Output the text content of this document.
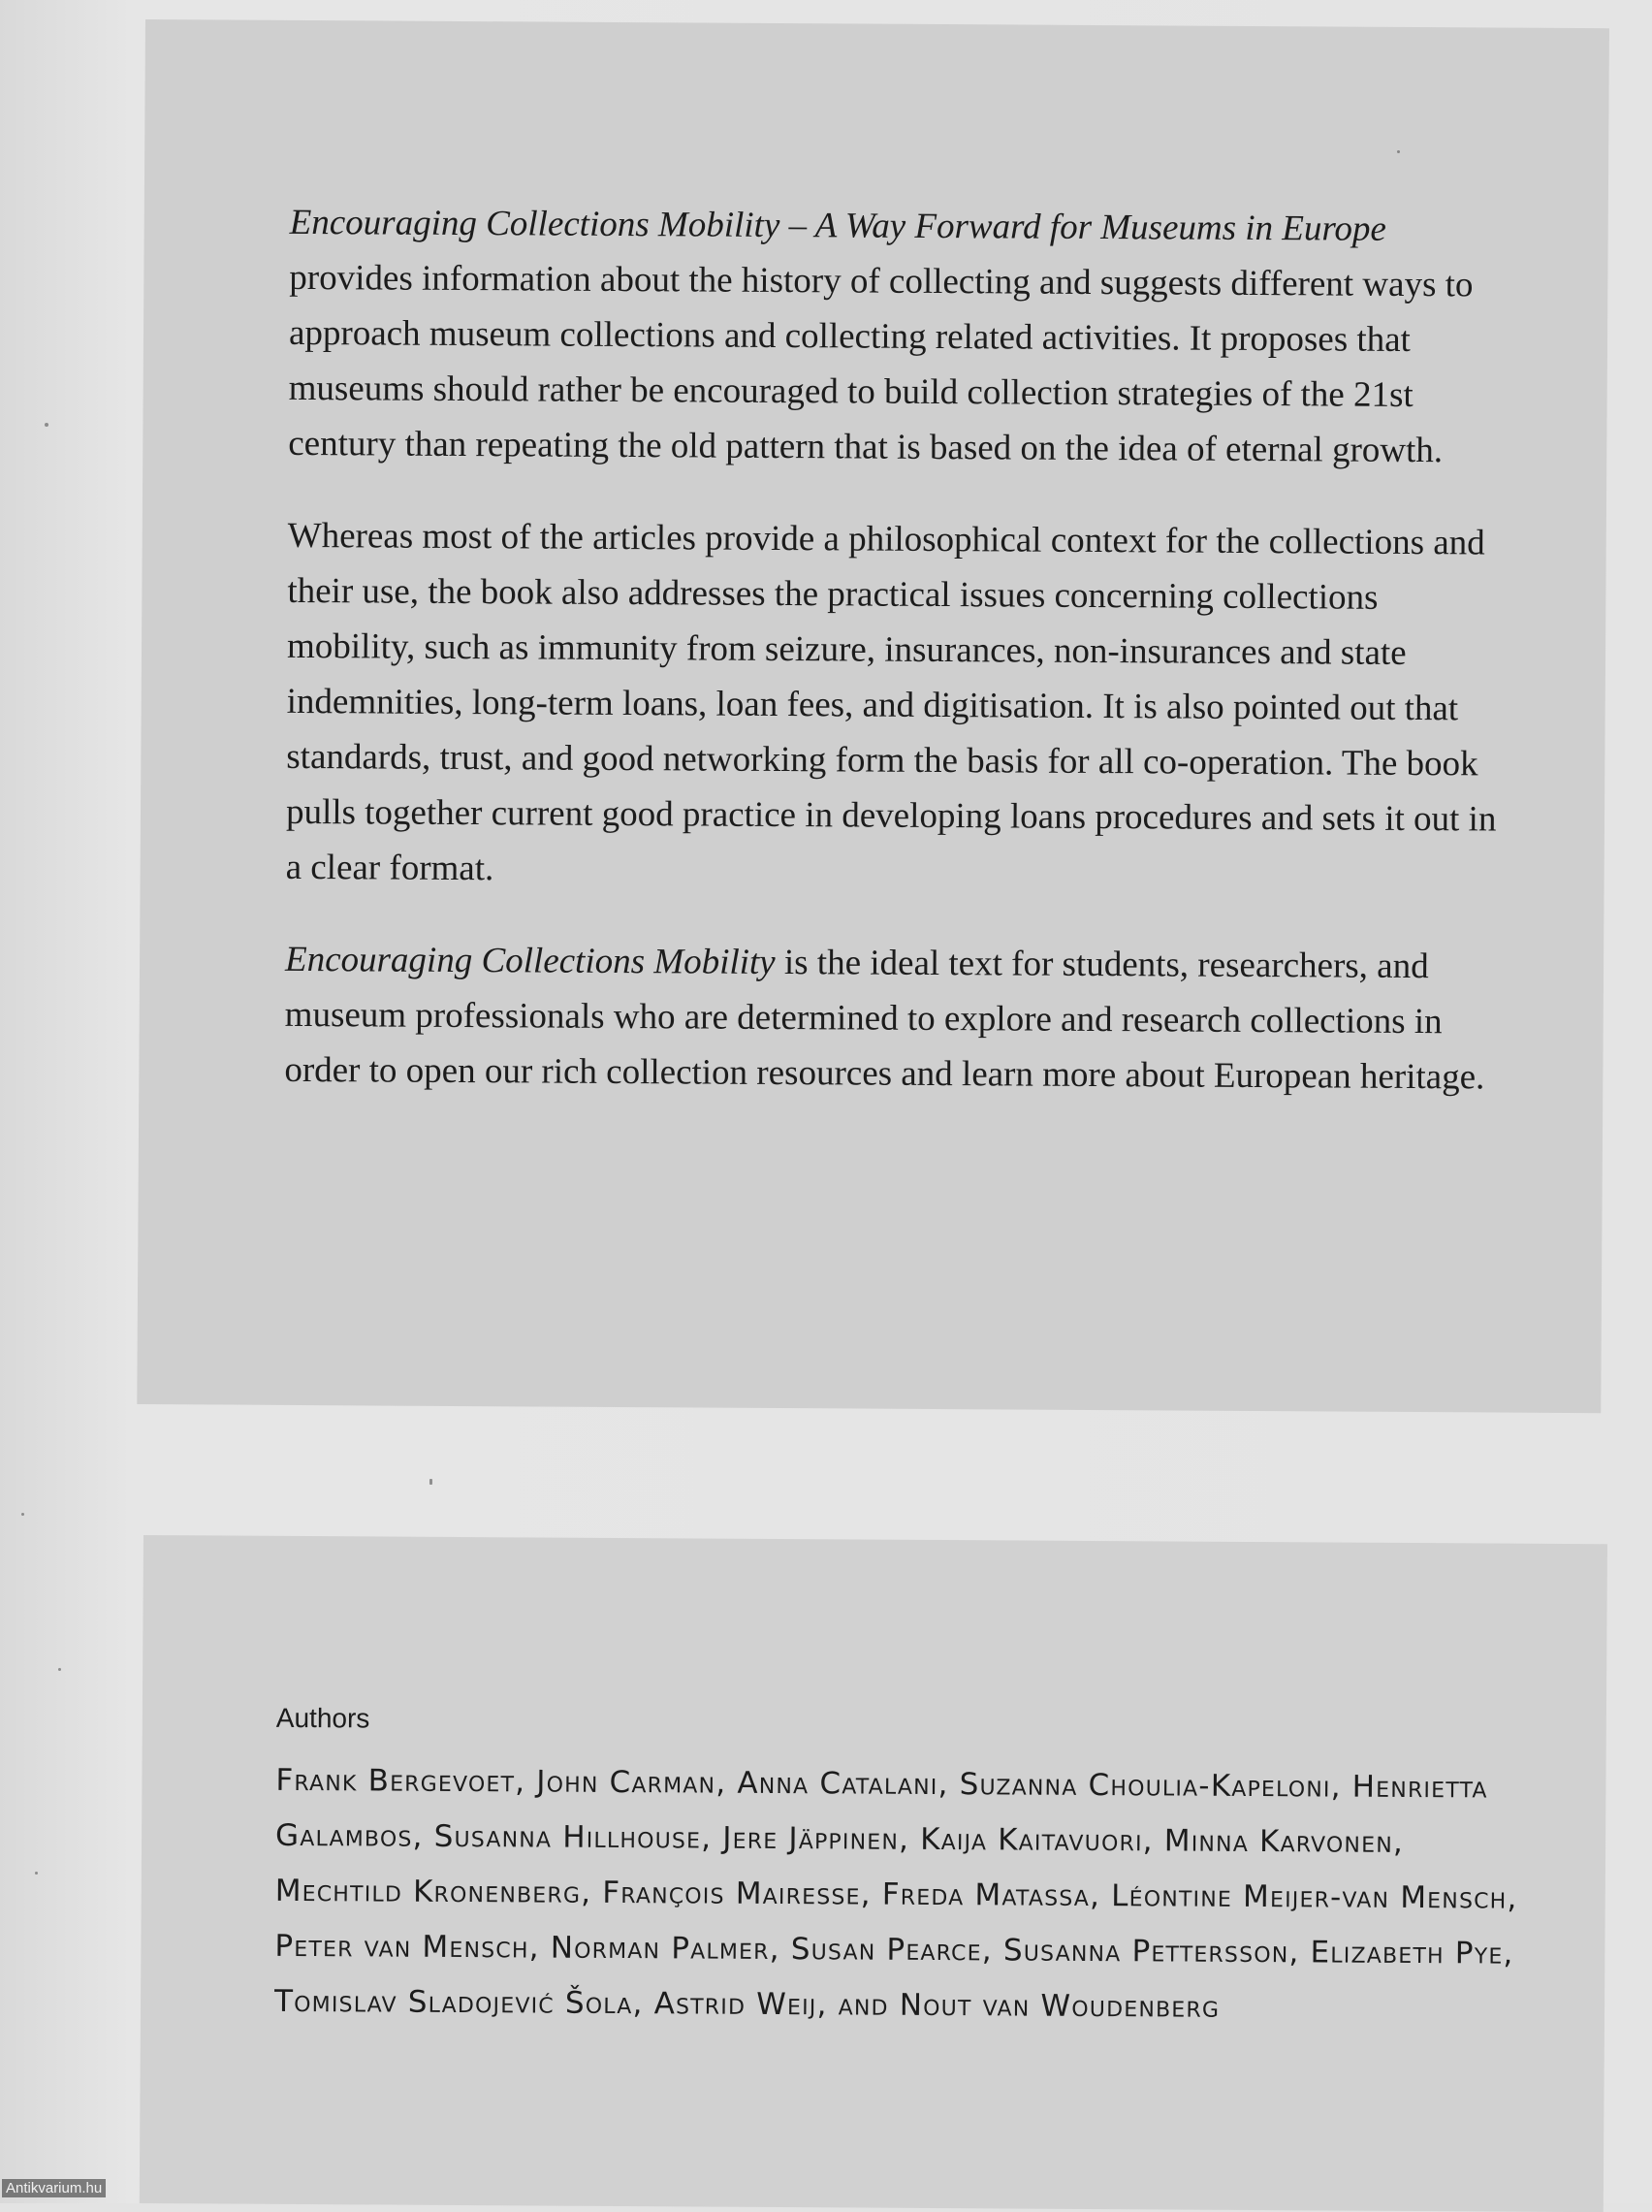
Encouraging Collections Mobility – A Way Forward for Museums in Europe provides information about the history of collecting and suggests different ways to approach museum collections and collecting related activities. It proposes that museums should rather be encouraged to build collection strategies of the 21st century than repeating the old pattern that is based on the idea of eternal growth.

Whereas most of the articles provide a philosophical context for the collections and their use, the book also addresses the practical issues concerning collections mobility, such as immunity from seizure, insurances, non-insurances and state indemnities, long-term loans, loan fees, and digitisation. It is also pointed out that standards, trust, and good networking form the basis for all co-operation. The book pulls together current good practice in developing loans procedures and sets it out in a clear format.

Encouraging Collections Mobility is the ideal text for students, researchers, and museum professionals who are determined to explore and research collections in order to open our rich collection resources and learn more about European heritage.

Authors

Frank Bergevoet, John Carman, Anna Catalani, Suzanna Choulia-Kapeloni, Henrietta Galambos, Susanna Hillhouse, Jere Jäppinen, Kaija Kaitavuori, Minna Karvonen, Mechtild Kronenberg, François Mairesse, Freda Matassa, Léontine Meijer-van Mensch, Peter van Mensch, Norman Palmer, Susan Pearce, Susanna Pettersson, Elizabeth Pye, Tomislav Sladojević Šola, Astrid Weij, and Nout van Woudenberg

Antikvarium.hu
